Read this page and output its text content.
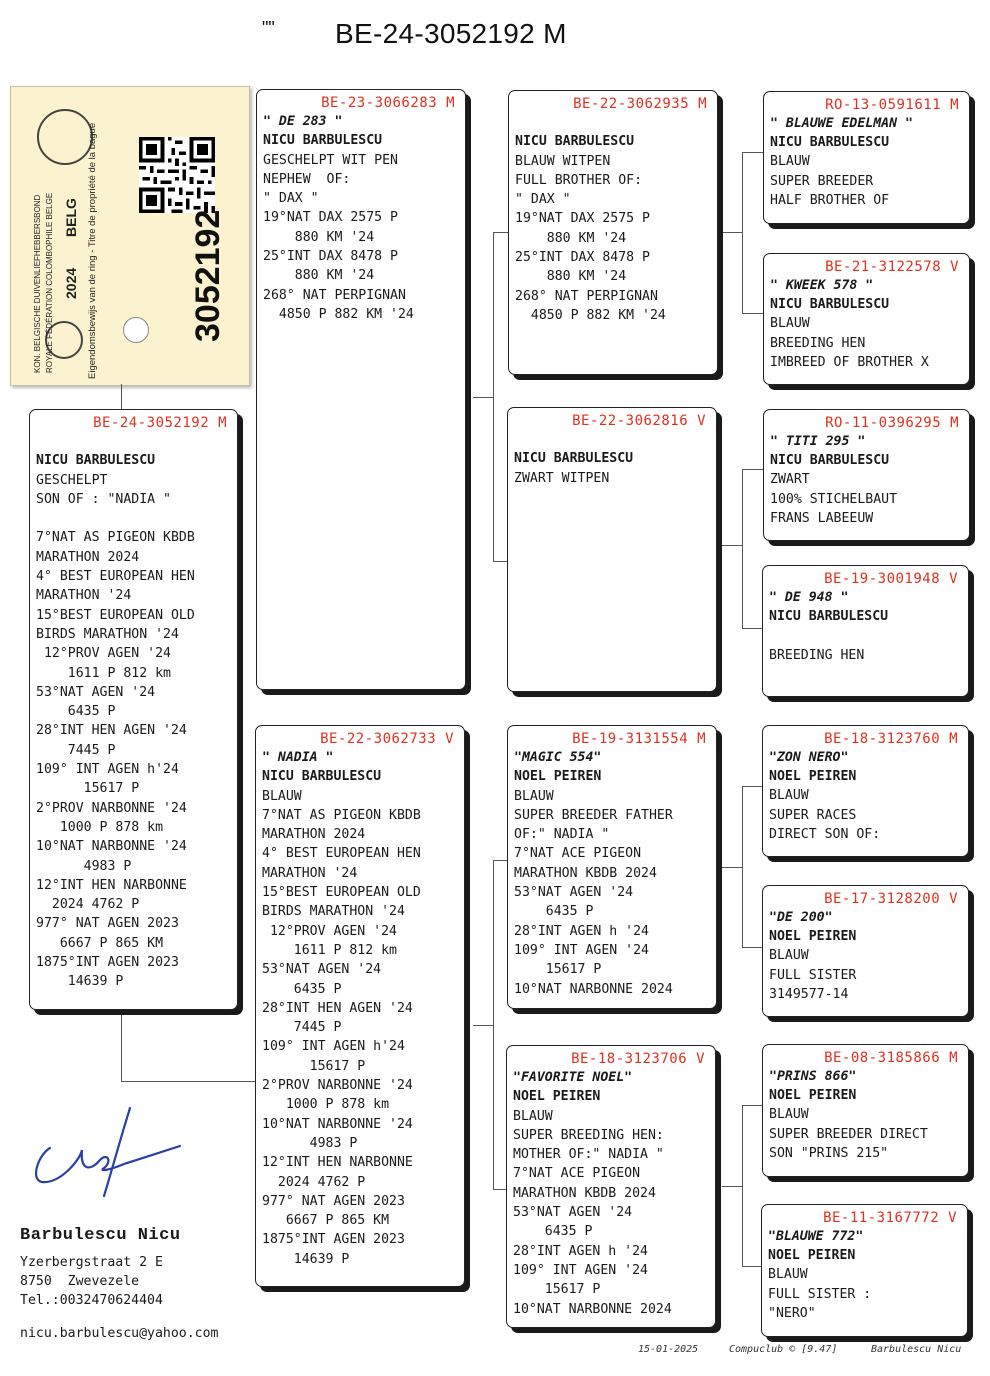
"" BE-24-3052192 M
KON. BELGISCHE DUIVENLIEFHEBBERSBOND ROYALE FÉDÉRATION COLOMBOPHILE BELGE 2024
BELG Eigendomsbewijs van de ring - Titre de propriété de la bague	3052192
BE-24-3052192 M

NICU BARBULESCU
GESCHELPT
SON OF : "NADIA "

7°NAT AS PIGEON KBDB
MARATHON 2024
4° BEST EUROPEAN HEN
MARATHON '24
15°BEST EUROPEAN OLD
BIRDS MARATHON '24
12°PROV AGEN '24
1611 P 812 km
53°NAT AGEN '24
6435 P
28°INT HEN AGEN '24
7445 P
109° INT AGEN h'24
15617 P
2°PROV NARBONNE '24
1000 P 878 km
10°NAT NARBONNE '24
4983 P
12°INT HEN NARBONNE
2024 4762 P
977° NAT AGEN 2023
6667 P 865 KM
1875°INT AGEN 2023
14639 P
BE-23-3066283 M
" DE 283 "
NICU BARBULESCU
GESCHELPT WIT PEN
NEPHEW  OF:
" DAX "
19°NAT DAX 2575 P
880 KM '24
25°INT DAX 8478 P
880 KM '24
268° NAT PERPIGNAN
4850 P 882 KM '24
BE-22-3062733 V
" NADIA "
NICU BARBULESCU
BLAUW
7°NAT AS PIGEON KBDB
MARATHON 2024
4° BEST EUROPEAN HEN
MARATHON '24
15°BEST EUROPEAN OLD
BIRDS MARATHON '24
12°PROV AGEN '24
1611 P 812 km
53°NAT AGEN '24
6435 P
28°INT HEN AGEN '24
7445 P
109° INT AGEN h'24
15617 P
2°PROV NARBONNE '24
1000 P 878 km
10°NAT NARBONNE '24
4983 P
12°INT HEN NARBONNE
2024 4762 P
977° NAT AGEN 2023
6667 P 865 KM
1875°INT AGEN 2023
14639 P
BE-22-3062935 M

NICU BARBULESCU
BLAUW WITPEN
FULL BROTHER OF:
" DAX "
19°NAT DAX 2575 P
880 KM '24
25°INT DAX 8478 P
880 KM '24
268° NAT PERPIGNAN
4850 P 882 KM '24
BE-22-3062816 V

NICU BARBULESCU
ZWART WITPEN
BE-19-3131554 M
"MAGIC 554"
NOEL PEIREN
BLAUW
SUPER BREEDER FATHER
OF:" NADIA "
7°NAT ACE PIGEON
MARATHON KBDB 2024
53°NAT AGEN '24
6435 P
28°INT AGEN h '24
109° INT AGEN '24
15617 P
10°NAT NARBONNE 2024
BE-18-3123706 V
"FAVORITE NOEL"
NOEL PEIREN
BLAUW
SUPER BREEDING HEN:
MOTHER OF:" NADIA "
7°NAT ACE PIGEON
MARATHON KBDB 2024
53°NAT AGEN '24
6435 P
28°INT AGEN h '24
109° INT AGEN '24
15617 P
10°NAT NARBONNE 2024
RO-13-0591611 M
" BLAUWE EDELMAN "
NICU BARBULESCU
BLAUW
SUPER BREEDER
HALF BROTHER OF
BE-21-3122578 V
" KWEEK 578 "
NICU BARBULESCU
BLAUW
BREEDING HEN
IMBREED OF BROTHER X
RO-11-0396295 M
" TITI 295 "
NICU BARBULESCU
ZWART
100% STICHELBAUT
FRANS LABEEUW
BE-19-3001948 V
" DE 948 "
NICU BARBULESCU

BREEDING HEN
BE-18-3123760 M
"ZON NERO"
NOEL PEIREN
BLAUW
SUPER RACES
DIRECT SON OF:
BE-17-3128200 V
"DE 200"
NOEL PEIREN
BLAUW
FULL SISTER
3149577-14
BE-08-3185866 M
"PRINS 866"
NOEL PEIREN
BLAUW
SUPER BREEDER DIRECT
SON "PRINS 215"
BE-11-3167772 V
"BLAUWE 772"
NOEL PEIREN
BLAUW
FULL SISTER :
"NERO"
Barbulescu Nicu
Yzerbergstraat 2 E
8750  Zwevezele
Tel.:0032470624404
nicu.barbulescu@yahoo.com
15-01-2025	Compuclub © [9.47]	Barbulescu Nicu
